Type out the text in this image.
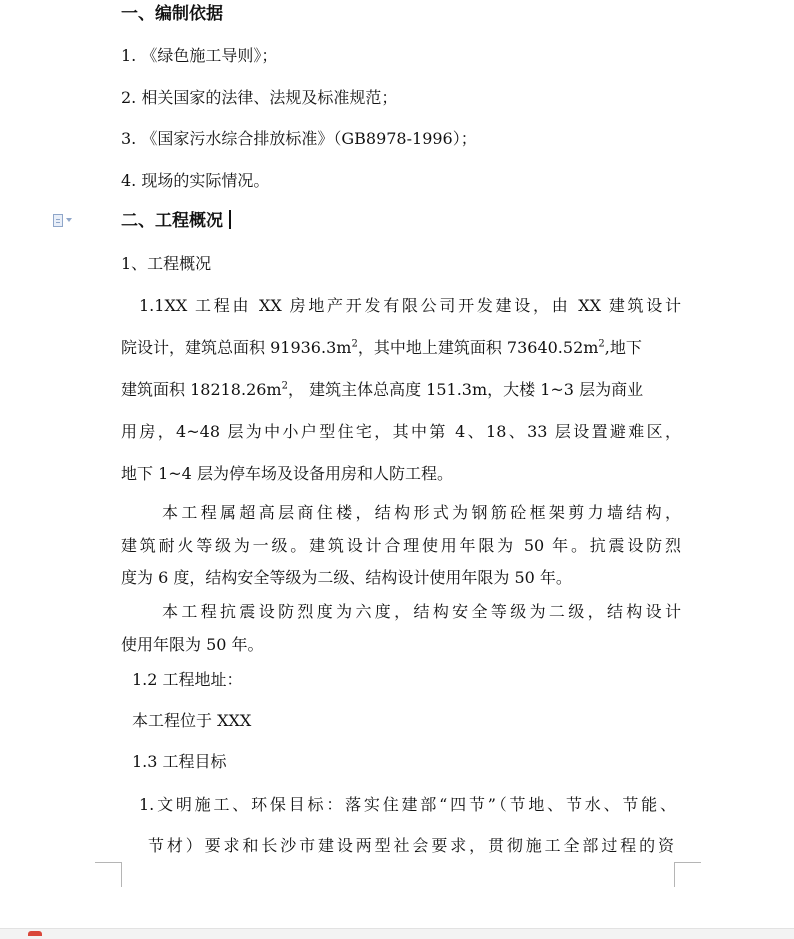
一、编制依据
1. 《绿色施工导则》；
2. 相关国家的法律、法规及标准规范；
3. 《国家污水综合排放标准》（GB8978-1996）；
4. 现场的实际情况。
二、工程概况
1、工程概况
1.1XX 工程由 XX 房地产开发有限公司开发建设，由 XX 建筑设计
院设计，建筑总面积 $91936.3m^2$，其中地上建筑面积 $73640.52m^2$,地下
建筑面积 $18218.26m^2$， 建筑主体总高度 151.3m，大楼 1~3 层为商业
用房，4~48 层为中小户型住宅，其中第 4、18、33 层设置避难区，
地下 1~4 层为停车场及设备用房和人防工程。
本工程属超高层商住楼，结构形式为钢筋砼框架剪力墙结构，
建筑耐火等级为一级。建筑设计合理使用年限为 50 年。抗震设防烈
度为 6 度，结构安全等级为二级、结构设计使用年限为 50 年。
本工程抗震设防烈度为六度，结构安全等级为二级，结构设计
使用年限为 50 年。
1.2 工程地址：
本工程位于 XXX
1.3 工程目标
1.文明施工、环保目标：落实住建部“四节”（节地、节水、节能、
节材）要求和长沙市建设两型社会要求，贯彻施工全部过程的资
